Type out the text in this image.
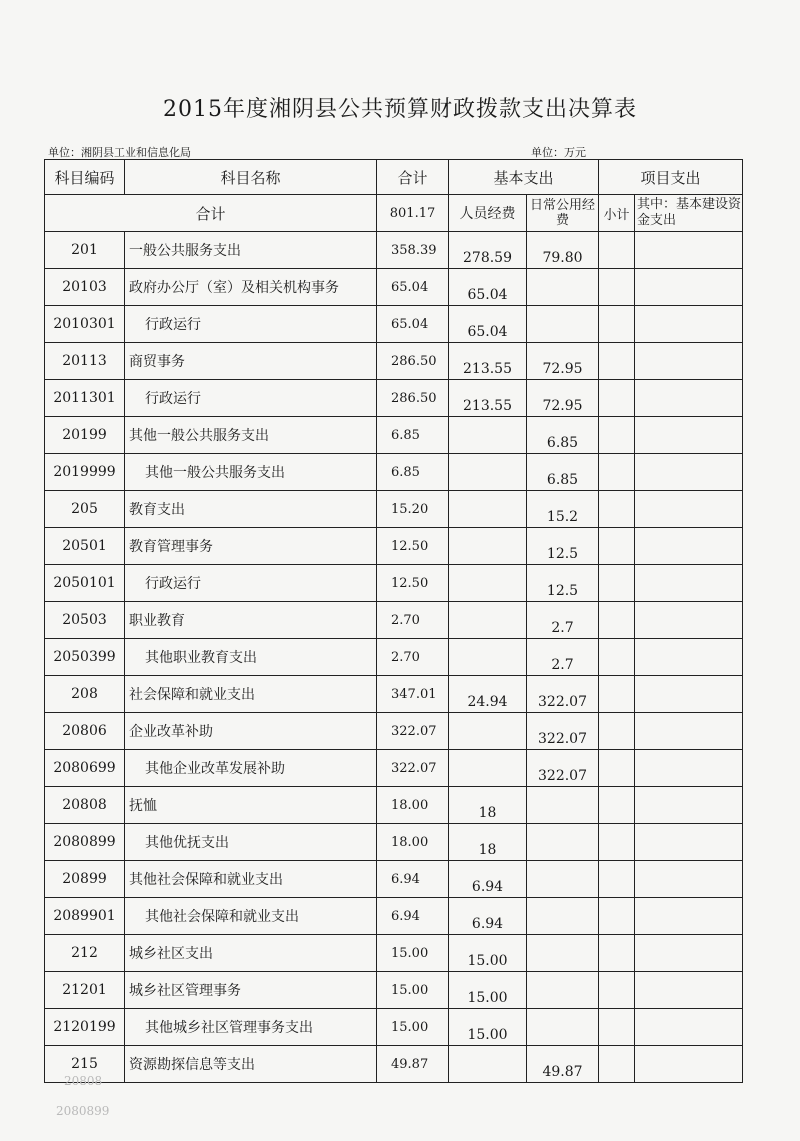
2015年度湘阴县公共预算财政拨款支出决算表
单位：湘阴县工业和信息化局	单位：万元
科目编码	科目名称	合计	基本支出		项目支出	
合计		801.17	人员经费	日常公用经费	小计	其中：基本建设资金支出
201	一般公共服务支出	358.39	278.59	79.80		
20103	政府办公厅（室）及相关机构事务	65.04	65.04			
2010301	行政运行	65.04	65.04			
20113	商贸事务	286.50	213.55	72.95		
2011301	行政运行	286.50	213.55	72.95		
20199	其他一般公共服务支出	6.85		6.85		
2019999	其他一般公共服务支出	6.85		6.85		
205	教育支出	15.20		15.2		
20501	教育管理事务	12.50		12.5		
2050101	行政运行	12.50		12.5		
20503	职业教育	2.70		2.7		
2050399	其他职业教育支出	2.70		2.7		
208	社会保障和就业支出	347.01	24.94	322.07		
20806	企业改革补助	322.07		322.07		
2080699	其他企业改革发展补助	322.07		322.07		
20808	抚恤	18.00	18			
2080899	其他优抚支出	18.00	18			
20899	其他社会保障和就业支出	6.94	6.94			
2089901	其他社会保障和就业支出	6.94	6.94			
212	城乡社区支出	15.00	15.00			
21201	城乡社区管理事务	15.00	15.00			
2120199	其他城乡社区管理事务支出	15.00	15.00			
215	资源勘探信息等支出	49.87		49.87		
20808
2080899
